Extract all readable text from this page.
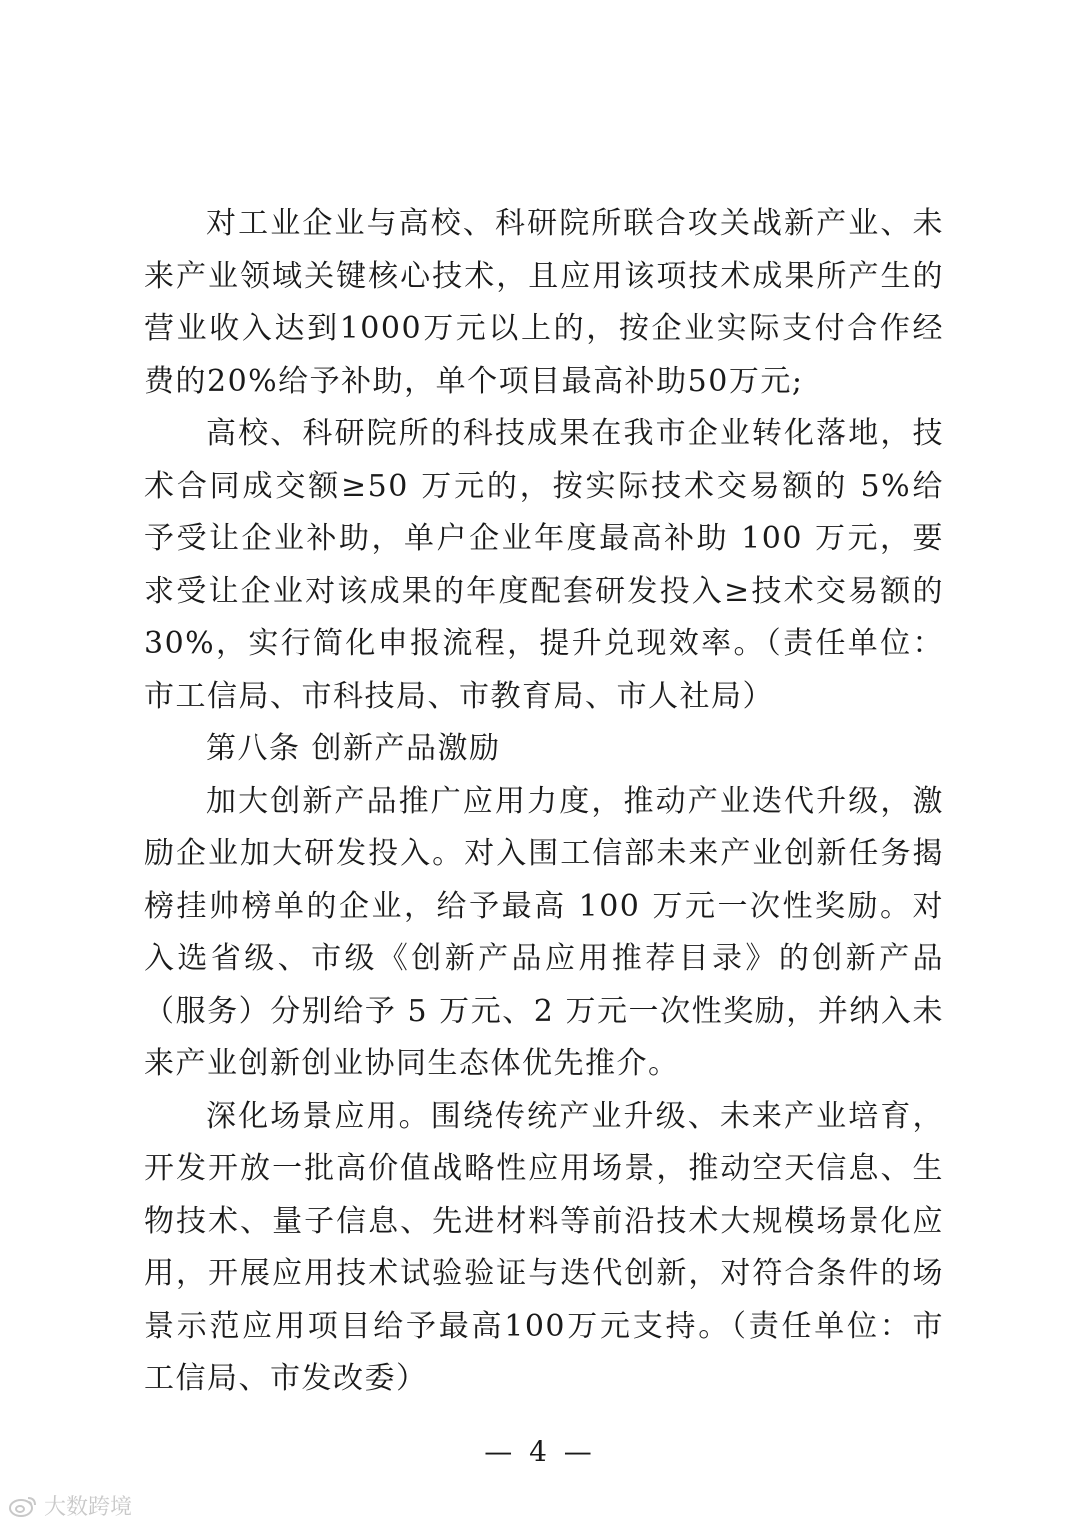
对工业企业与高校、科研院所联合攻关战新产业、未来产业领域关键核心技术，且应用该项技术成果所产生的营业收入达到1000万元以上的，按企业实际支付合作经费的20%给予补助，单个项目最高补助50万元;

高校、科研院所的科技成果在我市企业转化落地，技术合同成交额≥50 万元的，按实际技术交易额的 5%给予受让企业补助，单户企业年度最高补助 100 万元，要求受让企业对该成果的年度配套研发投入≥技术交易额的 30%，实行简化申报流程，提升兑现效率。（责任单位：市工信局、市科技局、市教育局、市人社局）

第八条 创新产品激励

加大创新产品推广应用力度，推动产业迭代升级，激励企业加大研发投入。对入围工信部未来产业创新任务揭榜挂帅榜单的企业，给予最高 100 万元一次性奖励。对入选省级、市级《创新产品应用推荐目录》的创新产品（服务）分别给予 5 万元、2 万元一次性奖励，并纳入未来产业创新创业协同生态体优先推介。

深化场景应用。围绕传统产业升级、未来产业培育，开发开放一批高价值战略性应用场景，推动空天信息、生物技术、量子信息、先进材料等前沿技术大规模场景化应用，开展应用技术试验验证与迭代创新，对符合条件的场景示范应用项目给予最高100万元支持。（责任单位：市工信局、市发改委）

— 4 —
大数跨境
